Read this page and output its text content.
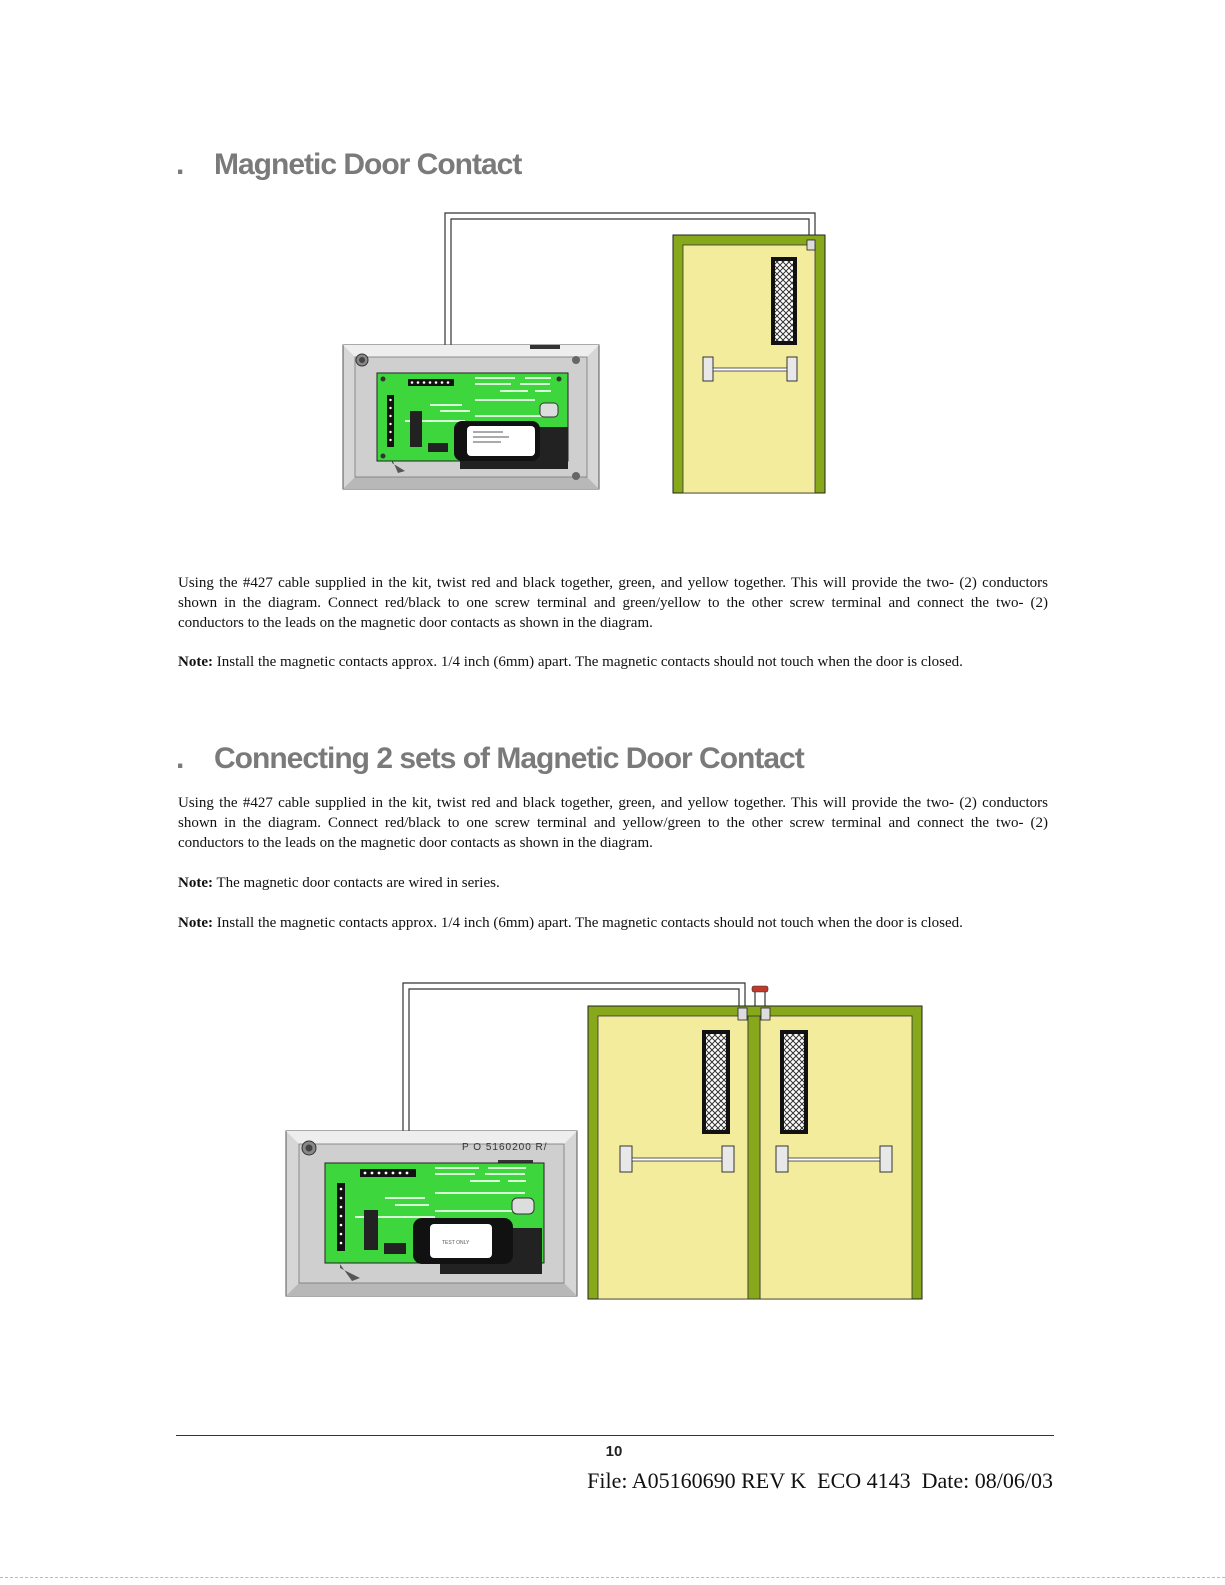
. Magnetic Door Contact

Using the #427 cable supplied in the kit, twist red and black together, green, and yellow together. This will provide the two- (2) conductors shown in the diagram. Connect red/black to one screw terminal and green/yellow to the other screw terminal and connect the two- (2) conductors to the leads on the magnetic door contacts as shown in the diagram.

Note: Install the magnetic contacts approx. 1/4 inch (6mm) apart. The magnetic contacts should not touch when the door is closed.

. Connecting 2 sets of Magnetic Door Contact

Using the #427 cable supplied in the kit, twist red and black together, green, and yellow together. This will provide the two- (2) conductors shown in the diagram. Connect red/black to one screw terminal and yellow/green to the other screw terminal and connect the two- (2) conductors to the leads on the magnetic door contacts as shown in the diagram.

Note: The magnetic door contacts are wired in series.

Note: Install the magnetic contacts approx. 1/4 inch (6mm) apart. The magnetic contacts should not touch when the door is closed.

P O 5160200 R/
TEST ONLY

10

File: A05160690 REV K ECO 4143 Date: 08/06/03
